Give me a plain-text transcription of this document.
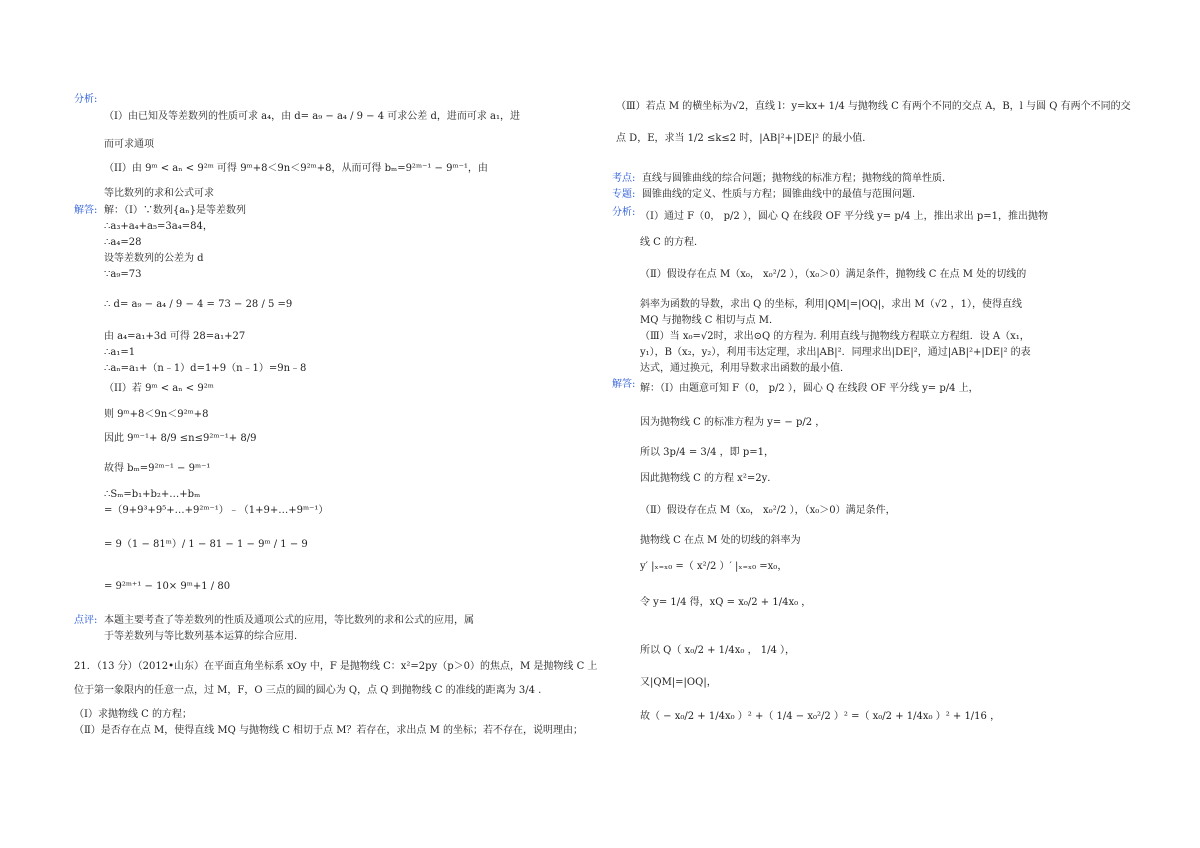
分析:
（I）由已知及等差数列的性质可求 a₄，由 d= a₉ − a₄ / 9 − 4 可求公差 d，进而可求 a₁，进
而可求通项
（II）由 9ᵐ < aₙ < 9²ᵐ 可得 9ᵐ+8＜9n＜9²ᵐ+8，从而可得 bₘ=9²ᵐ⁻¹ − 9ᵐ⁻¹，由
等比数列的求和公式可求
解答: 解：（I）∵数列{aₙ}是等差数列
∴a₃+a₄+a₅=3a₄=84，
∴a₄=28
设等差数列的公差为 d
∵a₉=73
∴ d= a₉ − a₄ / 9 − 4 = 73 − 28 / 5 =9
由 a₄=a₁+3d 可得 28=a₁+27
∴a₁=1
∴aₙ=a₁+（n﹣1）d=1+9（n﹣1）=9n﹣8
（II）若 9ᵐ < aₙ < 9²ᵐ
则 9ᵐ+8＜9n＜9²ᵐ+8
因此 9ᵐ⁻¹+ 8/9 ≤n≤9²ᵐ⁻¹+ 8/9
故得 bₘ=9²ᵐ⁻¹ − 9ᵐ⁻¹
∴Sₘ=b₁+b₂+…+bₘ
=（9+9³+9⁵+…+9²ᵐ⁻¹）﹣（1+9+…+9ᵐ⁻¹）
= 9（1 − 81ᵐ）/ 1 − 81 − 1 − 9ᵐ / 1 − 9
= 9²ᵐ⁺¹ − 10× 9ᵐ+1 / 80
点评: 本题主要考查了等差数列的性质及通项公式的应用，等比数列的求和公式的应用，属
于等差数列与等比数列基本运算的综合应用．
21．（13 分）（2012•山东）在平面直角坐标系 xOy 中，F 是抛物线 C：x²=2py（p＞0）的焦点，M 是抛物线 C 上
位于第一象限内的任意一点，过 M，F，O 三点的圆的圆心为 Q，点 Q 到抛物线 C 的准线的距离为 3/4 .
（Ⅰ）求抛物线 C 的方程；
（Ⅱ）是否存在点 M，使得直线 MQ 与抛物线 C 相切于点 M？若存在，求出点 M 的坐标；若不存在，说明理由；
（Ⅲ）若点 M 的横坐标为√2，直线 l：y=kx+ 1/4 与抛物线 C 有两个不同的交点 A，B，l 与圆 Q 有两个不同的交
点 D，E，求当 1/2 ≤k≤2 时，|AB|²+|DE|² 的最小值．
考点: 直线与圆锥曲线的综合问题；抛物线的标准方程；抛物线的简单性质．
专题: 圆锥曲线的定义、性质与方程；圆锥曲线中的最值与范围问题．
分析: （Ⅰ）通过 F（0， p/2 ），圆心 Q 在线段 OF 平分线 y= p/4 上，推出求出 p=1，推出抛物
线 C 的方程．
（Ⅱ）假设存在点 M（x₀， x₀²/2 ），（x₀＞0）满足条件，抛物线 C 在点 M 处的切线的
斜率为函数的导数，求出 Q 的坐标，利用|QM|=|OQ|，求出 M（√2 ，1），使得直线
MQ 与抛物线 C 相切与点 M．
（Ⅲ）当 x₀=√2时，求出⊙Q 的方程为. 利用直线与抛物线方程联立方程组．设 A（x₁，
y₁），B（x₂，y₂），利用韦达定理，求出|AB|²．同理求出|DE|²，通过|AB|²+|DE|² 的表
达式，通过换元，利用导数求出函数的最小值．
解答: 解：（Ⅰ）由题意可知 F（0， p/2 ），圆心 Q 在线段 OF 平分线 y= p/4 上，
因为抛物线 C 的标准方程为 y= − p/2 ，
所以 3p/4 = 3/4 ，即 p=1，
因此抛物线 C 的方程 x²=2y．
（Ⅱ）假设存在点 M（x₀， x₀²/2 ），（x₀＞0）满足条件，
抛物线 C 在点 M 处的切线的斜率为
y′ |ₓ₌ₓ₀ =（ x²/2 ）′ |ₓ₌ₓ₀ =x₀，
令 y= 1/4 得，xQ = x₀/2 + 1/4x₀ ，
所以 Q（ x₀/2 + 1/4x₀ ， 1/4 ），
又|QM|=|OQ|，
故（ − x₀/2 + 1/4x₀ ）² +（ 1/4 − x₀²/2 ）² =（ x₀/2 + 1/4x₀ ）² + 1/16 ，
